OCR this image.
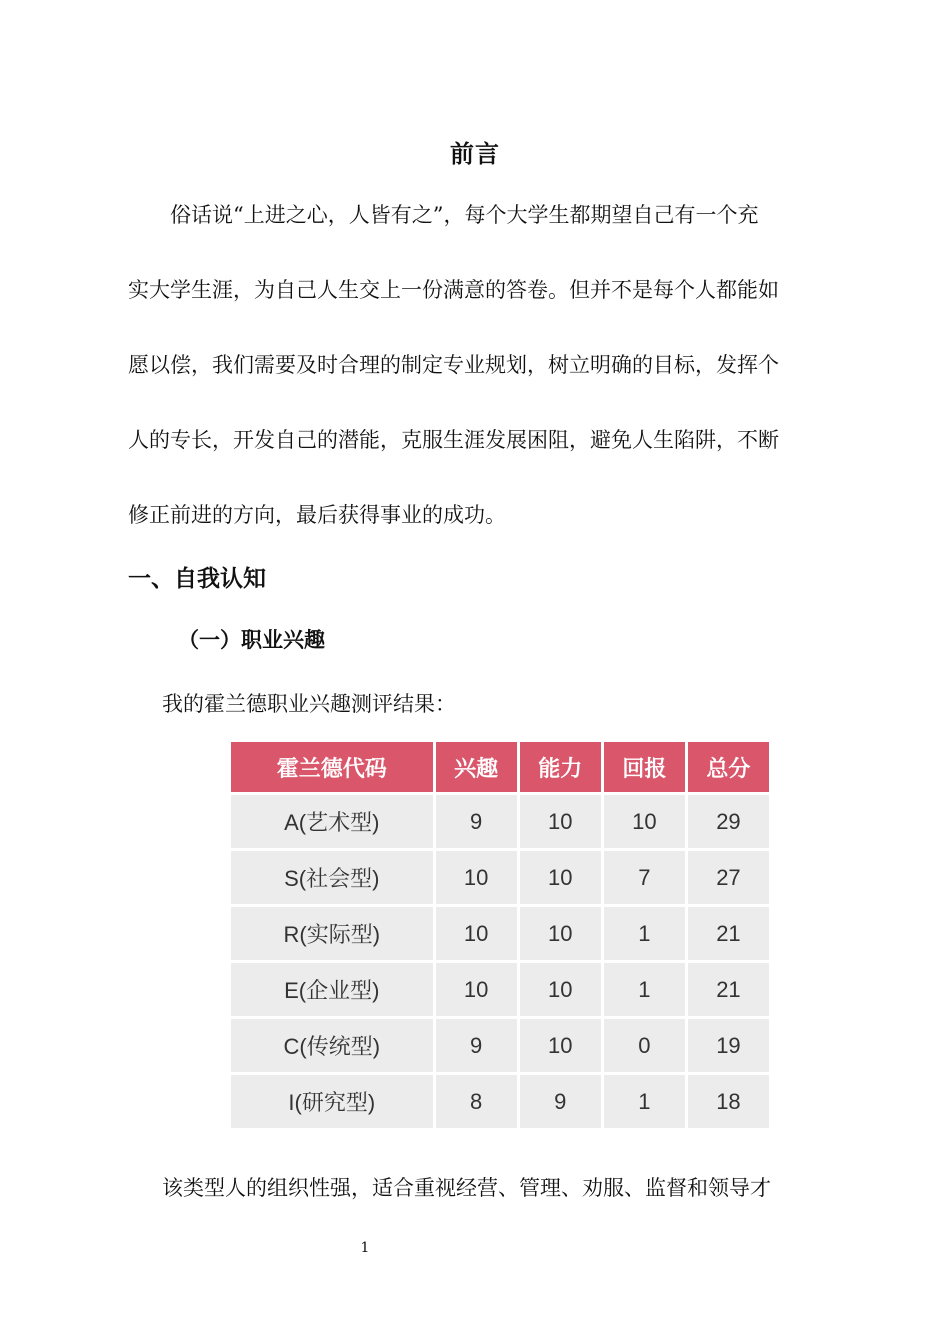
前言

　　俗话说“上进之心，人皆有之”，每个大学生都期望自己有一个充
实大学生涯，为自己人生交上一份满意的答卷。但并不是每个人都能如
愿以偿，我们需要及时合理的制定专业规划，树立明确的目标，发挥个
人的专长，开发自己的潜能，克服生涯发展困阻，避免人生陷阱，不断
修正前进的方向，最后获得事业的成功。

一、自我认知
（一）职业兴趣
我的霍兰德职业兴趣测评结果：
霍兰德代码	兴趣	能力	回报	总分
A(艺术型)	9	10	10	29
S(社会型)	10	10	7	27
R(实际型)	10	10	1	21
E(企业型)	10	10	1	21
C(传统型)	9	10	0	19
I(研究型)	8	9	1	18
该类型人的组织性强，适合重视经营、管理、劝服、监督和领导才
1
